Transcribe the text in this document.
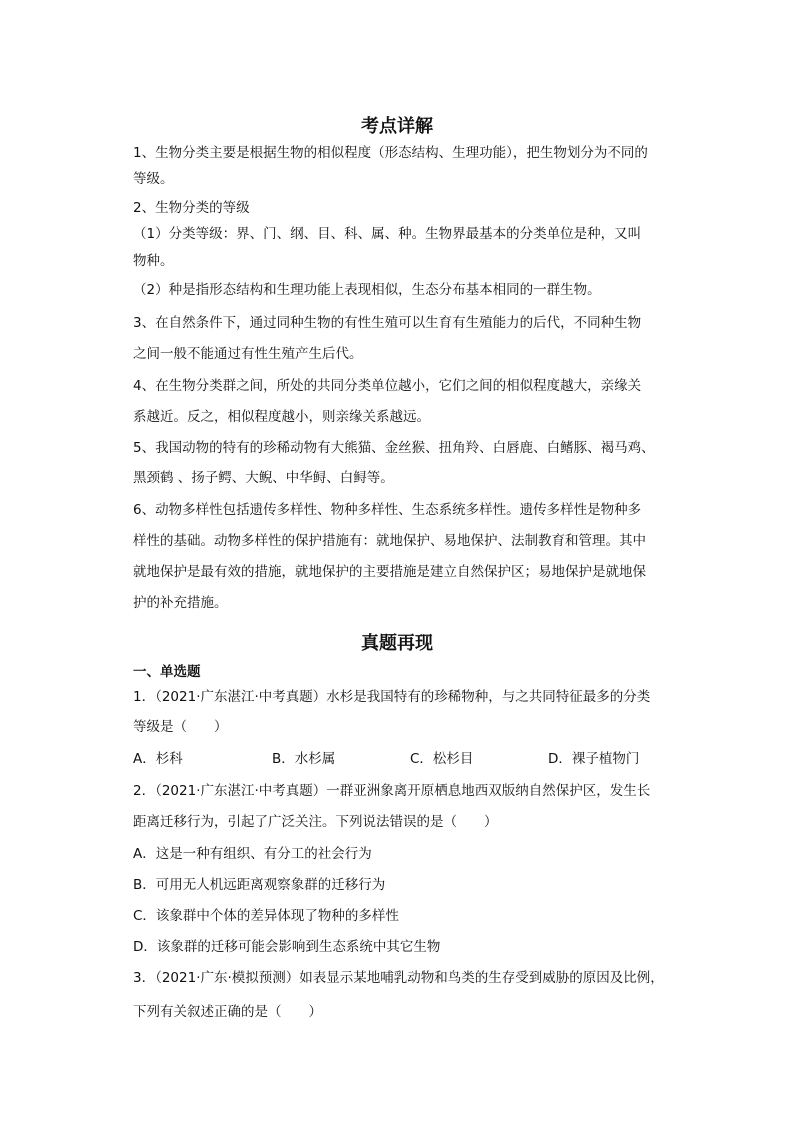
考点详解
1、生物分类主要是根据生物的相似程度（形态结构、生理功能），把生物划分为不同的
等级。
2、生物分类的等级
（1）分类等级：界、门、纲、目、科、属、种。生物界最基本的分类单位是种，又叫
物种。
（2）种是指形态结构和生理功能上表现相似，生态分布基本相同的一群生物。
3、在自然条件下，通过同种生物的有性生殖可以生育有生殖能力的后代，不同种生物
之间一般不能通过有性生殖产生后代。
4、在生物分类群之间，所处的共同分类单位越小，它们之间的相似程度越大，亲缘关
系越近。反之，相似程度越小，则亲缘关系越远。
5、我国动物的特有的珍稀动物有大熊猫、金丝猴、扭角羚、白唇鹿、白鳍豚、褐马鸡、
黑颈鹤 、扬子鳄、大鲵、中华鲟、白鲟等。
6、动物多样性包括遗传多样性、物种多样性、生态系统多样性。遗传多样性是物种多
样性的基础。动物多样性的保护措施有：就地保护、易地保护、法制教育和管理。其中
就地保护是最有效的措施，就地保护的主要措施是建立自然保护区；易地保护是就地保
护的补充措施。
真题再现
一、单选题
1．（2021·广东湛江·中考真题）水杉是我国特有的珍稀物种，与之共同特征最多的分类
等级是（　　）
A．杉科	B．水杉属	C．松杉目	D．裸子植物门
2．（2021·广东湛江·中考真题）一群亚洲象离开原栖息地西双版纳自然保护区，发生长
距离迁移行为，引起了广泛关注。下列说法错误的是（　　）
A．这是一种有组织、有分工的社会行为
B．可用无人机远距离观察象群的迁移行为
C．该象群中个体的差异体现了物种的多样性
D．该象群的迁移可能会影响到生态系统中其它生物
3．（2021·广东·模拟预测）如表显示某地哺乳动物和鸟类的生存受到威胁的原因及比例，
下列有关叙述正确的是（　　）
